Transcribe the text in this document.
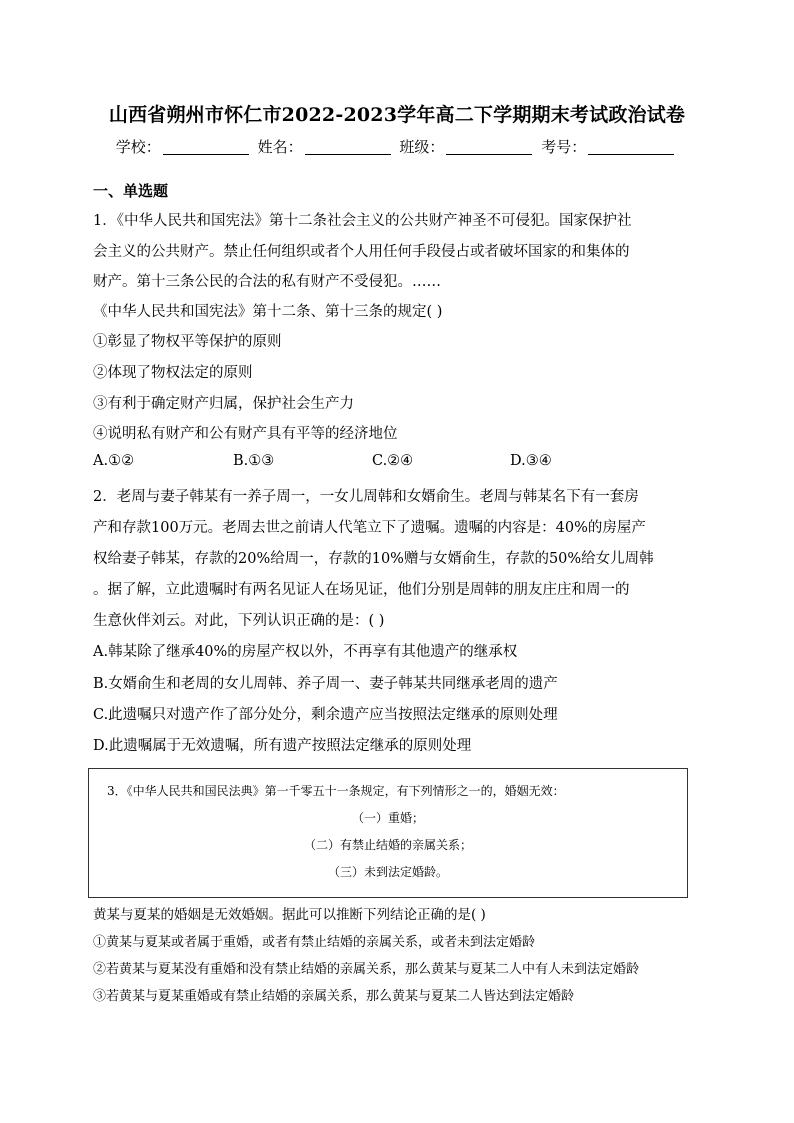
山西省朔州市怀仁市2022-2023学年高二下学期期末考试政治试卷
学校：	姓名：	班级：	考号：
一、单选题
1．《中华人民共和国宪法》第十二条社会主义的公共财产神圣不可侵犯。国家保护社
会主义的公共财产。禁止任何组织或者个人用任何手段侵占或者破坏国家的和集体的
财产。第十三条公民的合法的私有财产不受侵犯。……
《中华人民共和国宪法》第十二条、第十三条的规定( )
①彰显了物权平等保护的原则
②体现了物权法定的原则
③有利于确定财产归属，保护社会生产力
④说明私有财产和公有财产具有平等的经济地位
A.①②	B.①③	C.②④	D.③④
2．老周与妻子韩某有一养子周一，一女儿周韩和女婿俞生。老周与韩某名下有一套房
产和存款100万元。老周去世之前请人代笔立下了遗嘱。遗嘱的内容是：40%的房屋产
权给妻子韩某，存款的20%给周一，存款的10%赠与女婿俞生，存款的50%给女儿周韩
。据了解，立此遗嘱时有两名见证人在场见证，他们分别是周韩的朋友庄庄和周一的
生意伙伴刘云。对此，下列认识正确的是：( )
A.韩某除了继承40%的房屋产权以外，不再享有其他遗产的继承权
B.女婿俞生和老周的女儿周韩、养子周一、妻子韩某共同继承老周的遗产
C.此遗嘱只对遗产作了部分处分，剩余遗产应当按照法定继承的原则处理
D.此遗嘱属于无效遗嘱，所有遗产按照法定继承的原则处理
3．《中华人民共和国民法典》第一千零五十一条规定，有下列情形之一的，婚姻无效：
（一）重婚；
（二）有禁止结婚的亲属关系；
（三）未到法定婚龄。
黄某与夏某的婚姻是无效婚姻。据此可以推断下列结论正确的是( )
①黄某与夏某或者属于重婚，或者有禁止结婚的亲属关系，或者未到法定婚龄
②若黄某与夏某没有重婚和没有禁止结婚的亲属关系，那么黄某与夏某二人中有人未到法定婚龄
③若黄某与夏某重婚或有禁止结婚的亲属关系，那么黄某与夏某二人皆达到法定婚龄
